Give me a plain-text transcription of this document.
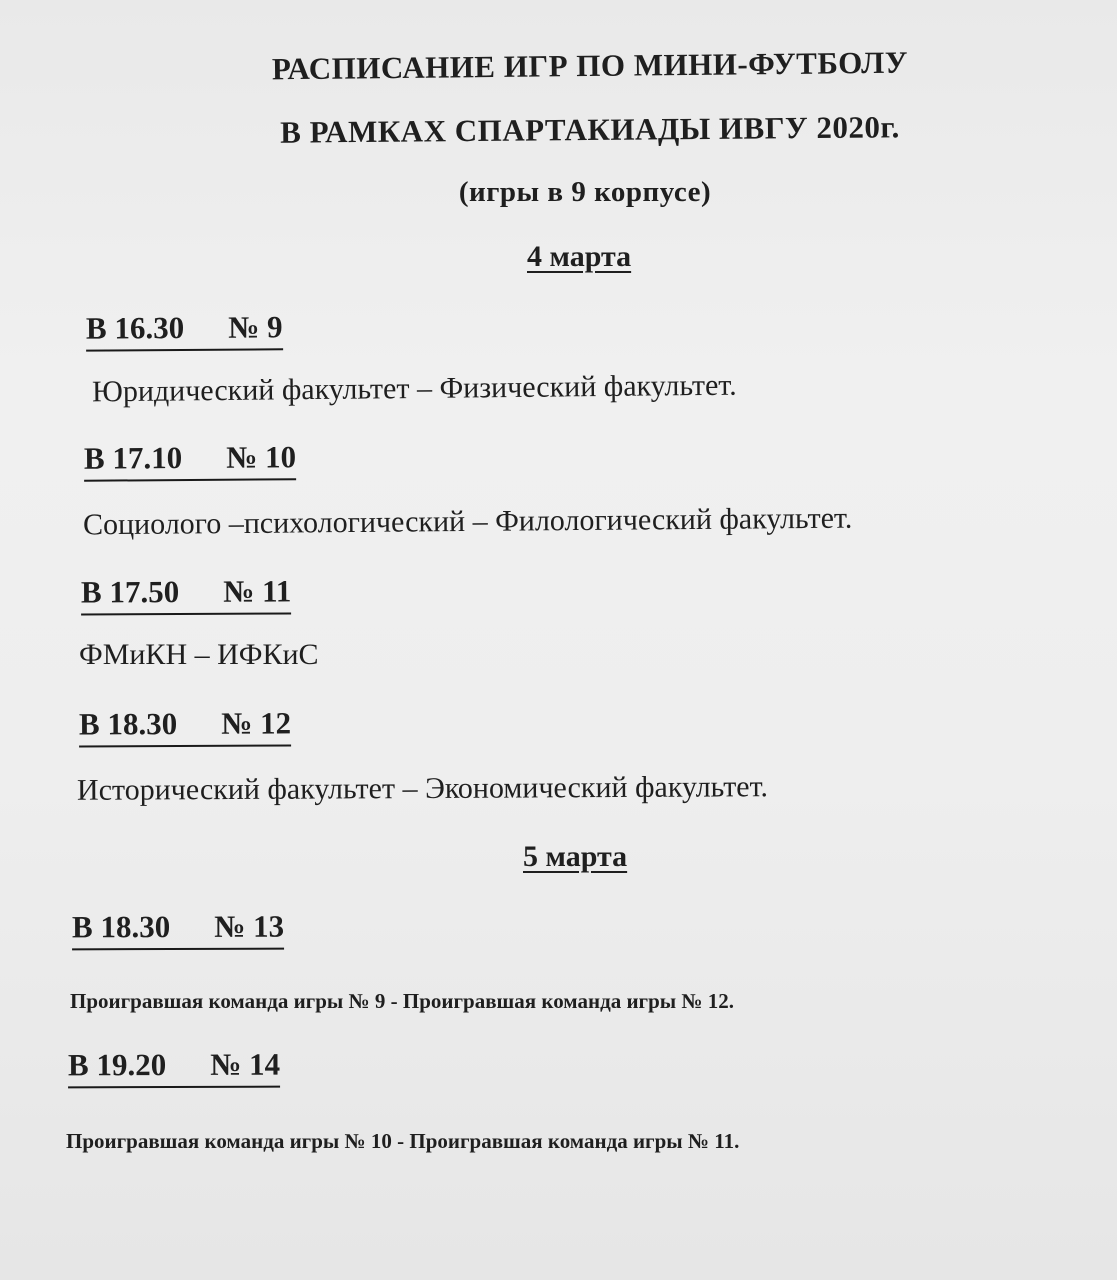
РАСПИСАНИЕ ИГР ПО МИНИ-ФУТБОЛУ
В РАМКАХ СПАРТАКИАДЫ ИВГУ 2020г.
(игры в 9 корпусе)
4 марта
В 16.30 № 9
Юридический факультет – Физический факультет.
В 17.10 № 10
Социолого –психологический – Филологический факультет.
В 17.50 № 11
ФМиКН – ИФКиС
В 18.30 № 12
Исторический факультет – Экономический факультет.
5 марта
В 18.30 № 13
Проигравшая команда игры № 9 - Проигравшая команда игры № 12.
В 19.20 № 14
Проигравшая команда игры № 10 - Проигравшая команда игры № 11.
